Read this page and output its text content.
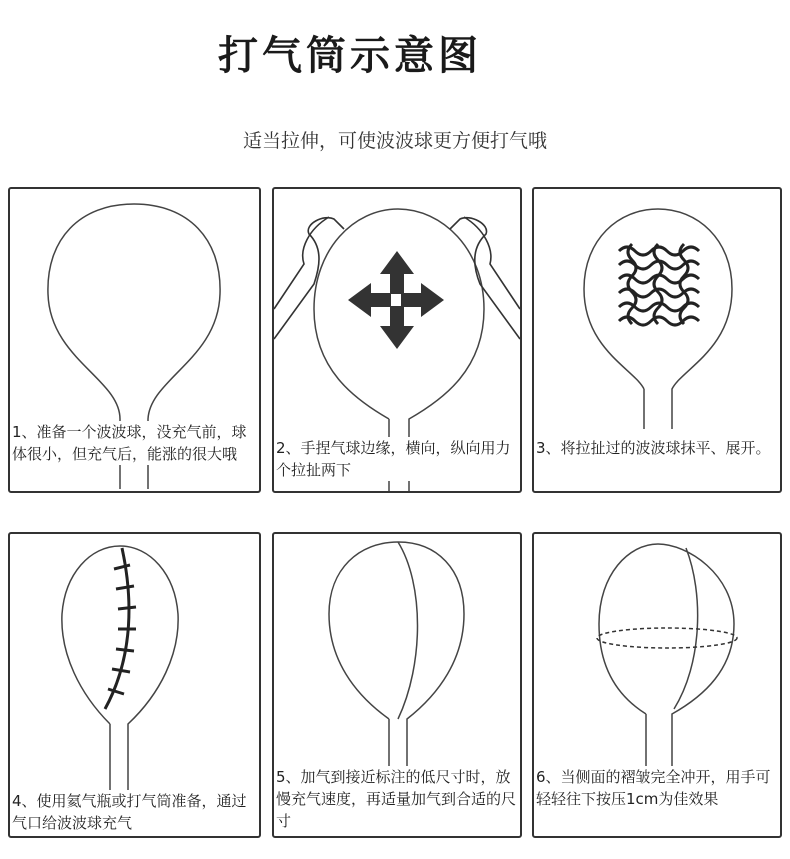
打气筒示意图
适当拉伸，可使波波球更方便打气哦
1、准备一个波波球，没充气前，球体很小，但充气后，能涨的很大哦	2、手捏气球边缘，横向，纵向用力个拉扯两下
3、将拉扯过的波波球抹平、展开。
4、使用氦气瓶或打气筒准备，通过气口给波波球充气
5、加气到接近标注的低尺寸时，放慢充气速度，再适量加气到合适的尺寸
6、当侧面的褶皱完全冲开，用手可轻轻往下按压1cm为佳效果
